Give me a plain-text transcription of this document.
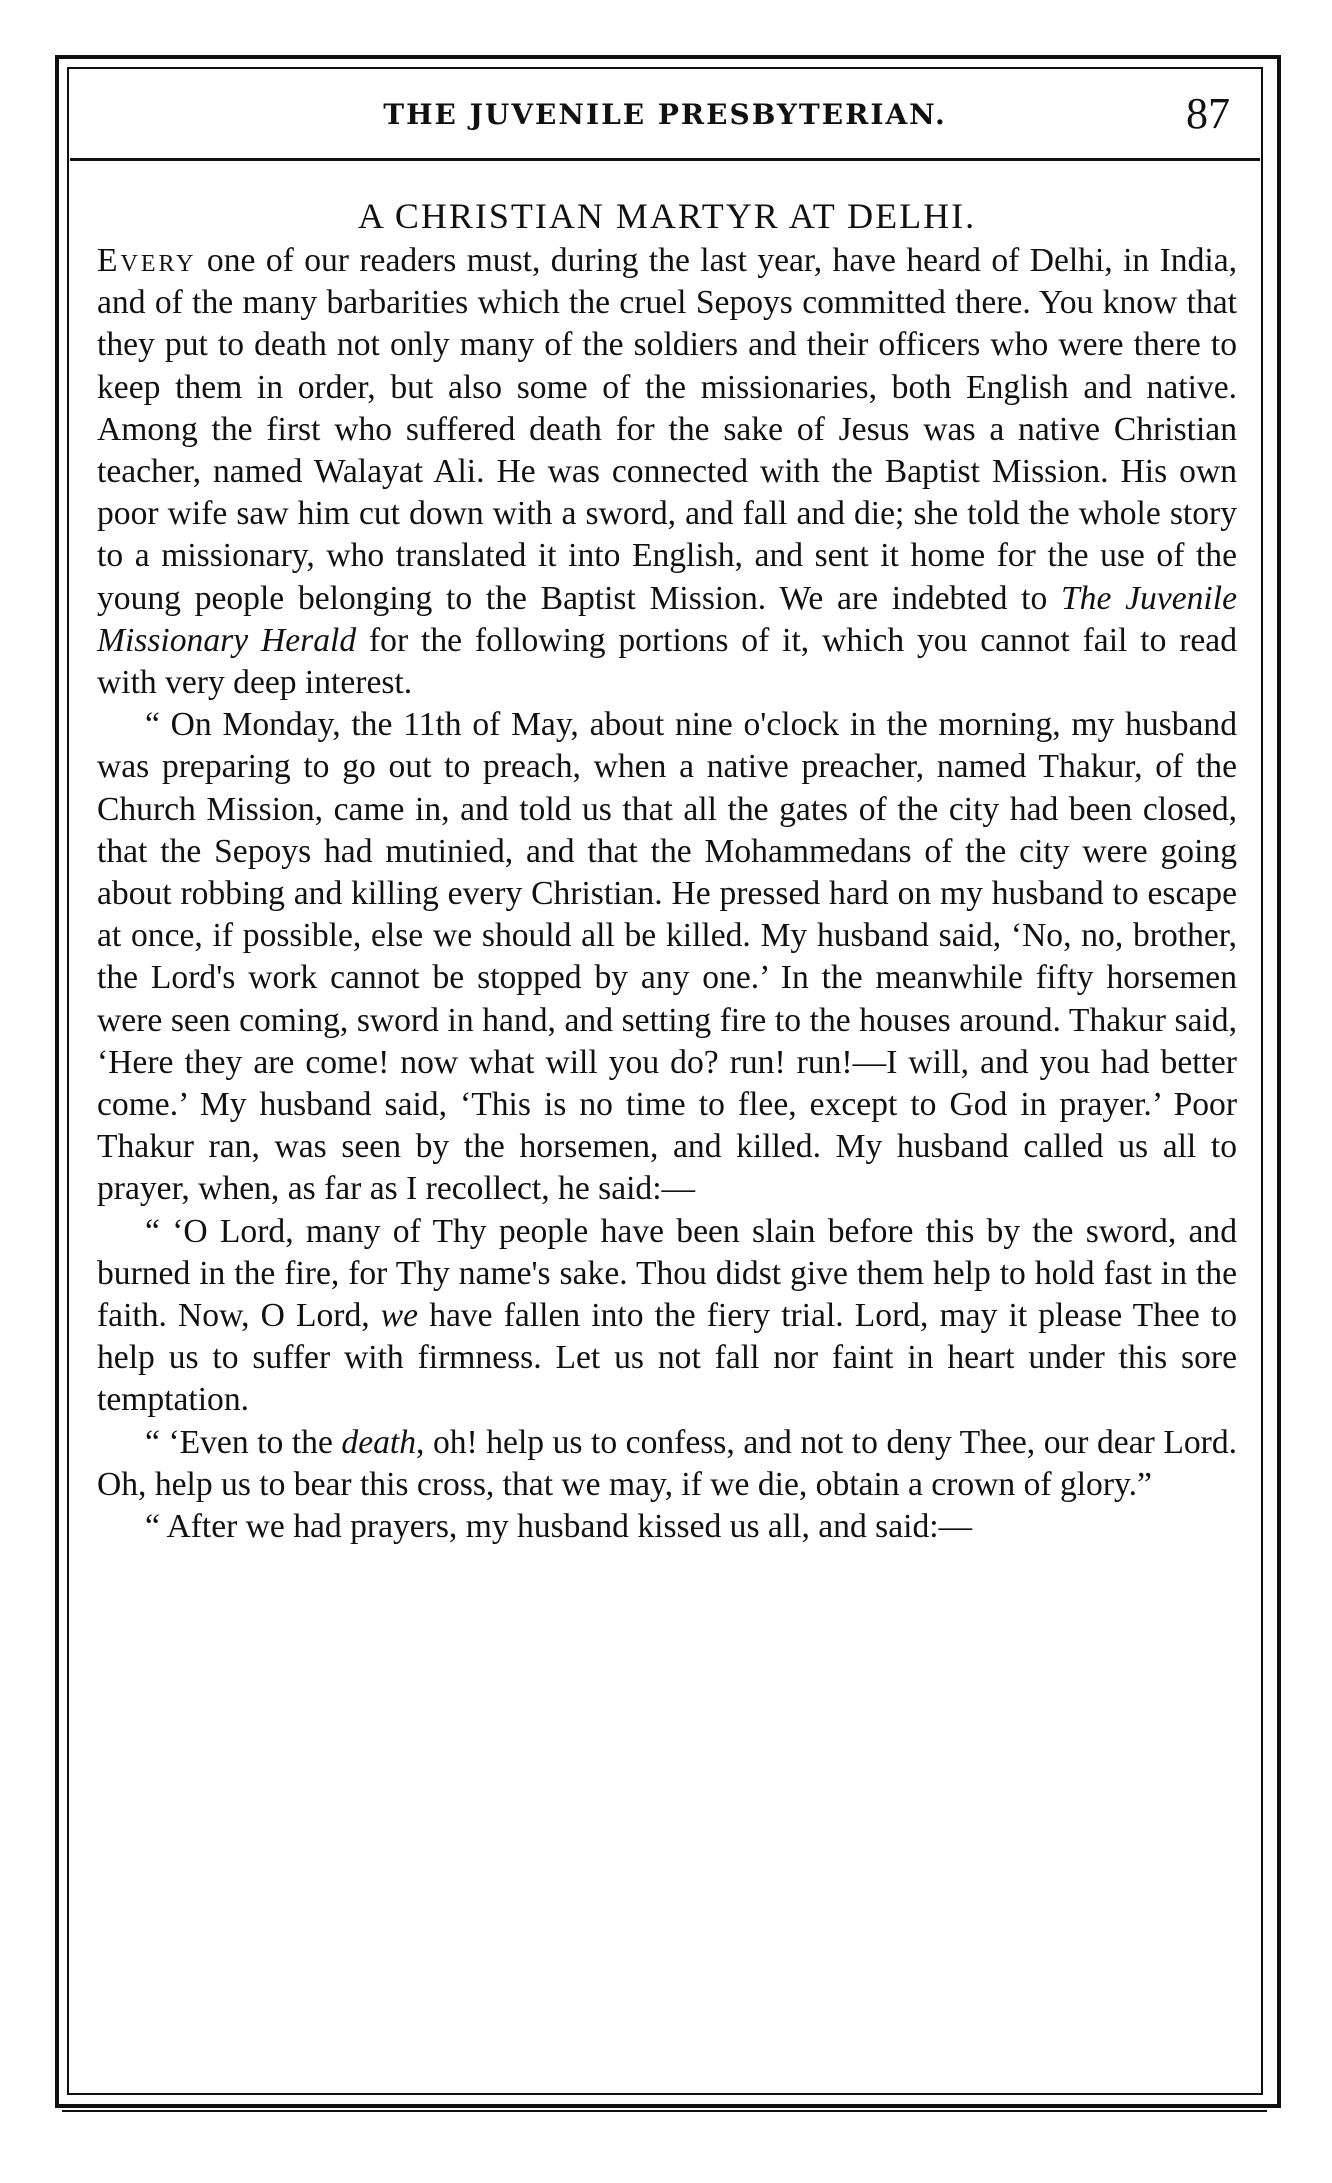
THE JUVENILE PRESBYTERIAN.	87
A CHRISTIAN MARTYR AT DELHI.

Every one of our readers must, during the last year, have heard of Delhi, in India, and of the many barbarities which the cruel Sepoys committed there. You know that they put to death not only many of the soldiers and their officers who were there to keep them in order, but also some of the missionaries, both English and native. Among the first who suffered death for the sake of Jesus was a native Christian teacher, named Walayat Ali. He was connected with the Baptist Mission. His own poor wife saw him cut down with a sword, and fall and die; she told the whole story to a missionary, who translated it into English, and sent it home for the use of the young people belonging to the Baptist Mission. We are indebted to The Juvenile Missionary Herald for the following portions of it, which you cannot fail to read with very deep interest.

“ On Monday, the 11th of May, about nine o'clock in the morning, my husband was preparing to go out to preach, when a native preacher, named Thakur, of the Church Mission, came in, and told us that all the gates of the city had been closed, that the Sepoys had mutinied, and that the Mohammedans of the city were going about robbing and killing every Christian. He pressed hard on my husband to escape at once, if possible, else we should all be killed. My husband said, ‘No, no, brother, the Lord's work cannot be stopped by any one.’ In the meanwhile fifty horsemen were seen coming, sword in hand, and setting fire to the houses around. Thakur said, ‘Here they are come! now what will you do? run! run!—I will, and you had better come.’ My husband said, ‘This is no time to flee, except to God in prayer.’ Poor Thakur ran, was seen by the horsemen, and killed. My husband called us all to prayer, when, as far as I recollect, he said:—

“ ‘O Lord, many of Thy people have been slain before this by the sword, and burned in the fire, for Thy name's sake. Thou didst give them help to hold fast in the faith. Now, O Lord, we have fallen into the fiery trial. Lord, may it please Thee to help us to suffer with firmness. Let us not fall nor faint in heart under this sore temptation.

“ ‘Even to the death, oh! help us to confess, and not to deny Thee, our dear Lord. Oh, help us to bear this cross, that we may, if we die, obtain a crown of glory.”

“ After we had prayers, my husband kissed us all, and said:—
